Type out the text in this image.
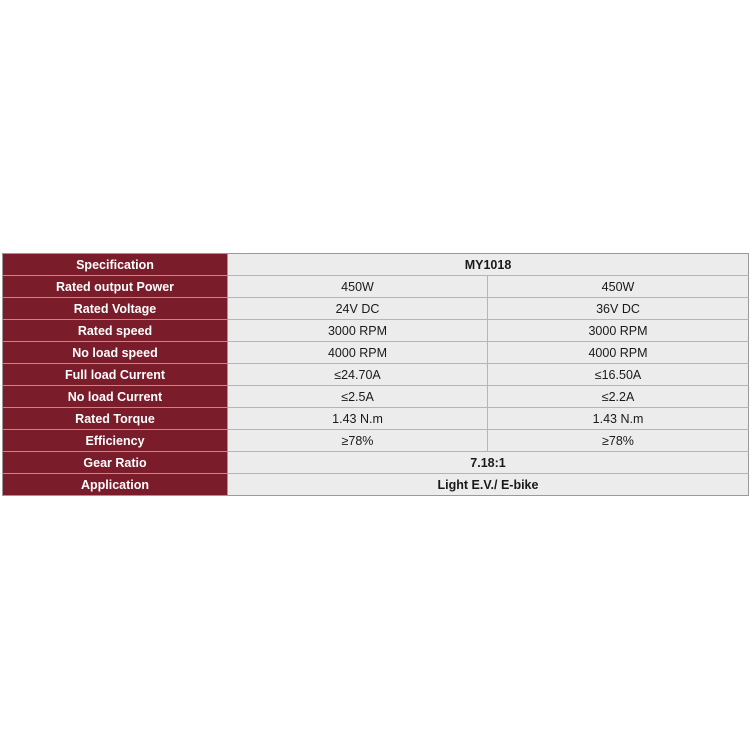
Specification	MY1018	
Rated output Power	450W	450W
Rated Voltage	24V DC	36V DC
Rated speed	3000 RPM	3000 RPM
No load speed	4000 RPM	4000 RPM
Full load Current	≤24.70A	≤16.50A
No load Current	≤2.5A	≤2.2A
Rated Torque	1.43 N.m	1.43 N.m
Efficiency	≥78%	≥78%
Gear Ratio	7.18:1	
Application	Light E.V./ E-bike	
